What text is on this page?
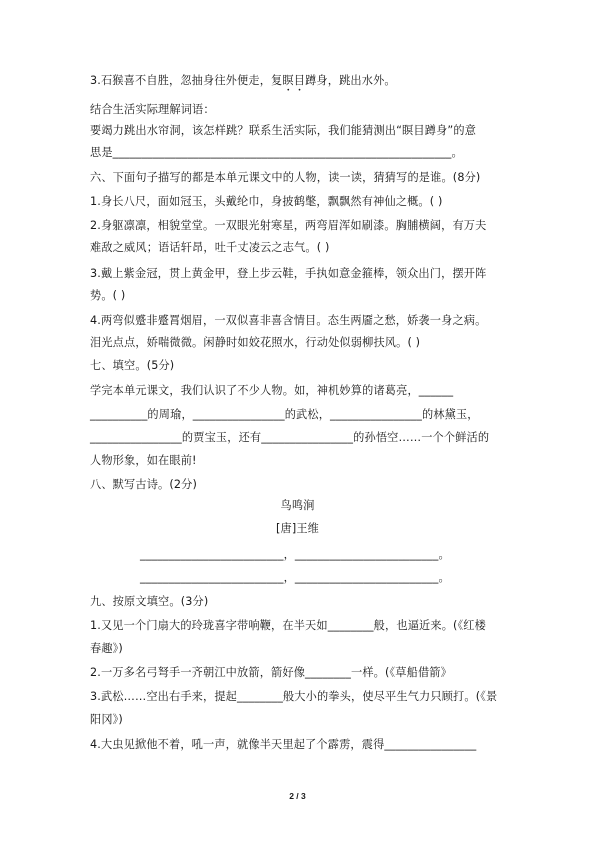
3.石猴喜不自胜，忽抽身往外便走，复瞑目蹲身，跳出水外。
结合生活实际理解词语：
要竭力跳出水帘洞，该怎样跳？联系生活实际，我们能猜测出“瞑目蹲身”的意
思是___________________________________________________________。
六、下面句子描写的都是本单元课文中的人物，读一读，猜猜写的是谁。(8分)
1.身长八尺，面如冠玉，头戴纶巾，身披鹤氅，飘飘然有神仙之概。( )
2.身躯凛凛，相貌堂堂。一双眼光射寒星，两弯眉浑如刷漆。胸脯横阔，有万夫
难敌之威风；语话轩昂，吐千丈凌云之志气。( )
3.戴上紫金冠，贯上黄金甲，登上步云鞋，手执如意金箍棒，领众出门，摆开阵
势。( )
4.两弯似蹙非蹙罥烟眉，一双似喜非喜含情目。态生两靥之愁，娇袭一身之病。
泪光点点，娇喘微微。闲静时如姣花照水，行动处似弱柳扶风。( )
七、填空。(5分)
学完本单元课文，我们认识了不少人物。如，神机妙算的诸葛亮，______
__________的周瑜，________________的武松，________________的林黛玉，
________________的贾宝玉，还有________________的孙悟空……一个个鲜活的
人物形象，如在眼前!
八、默写古诗。(2分)
鸟鸣涧
[唐]王维
_________________________，_________________________。
_________________________，_________________________。
九、按原文填空。(3分)
1.又见一个门扇大的玲珑喜字带响鞭，在半天如________般，也逼近来。(《红楼
春趣》)
2.一万多名弓弩手一齐朝江中放箭，箭好像________一样。(《草船借箭》
3.武松……空出右手来，提起________般大小的拳头，使尽平生气力只顾打。(《景
阳冈》)
4.大虫见掀他不着，吼一声，就像半天里起了个霹雳，震得________________
2 / 3
